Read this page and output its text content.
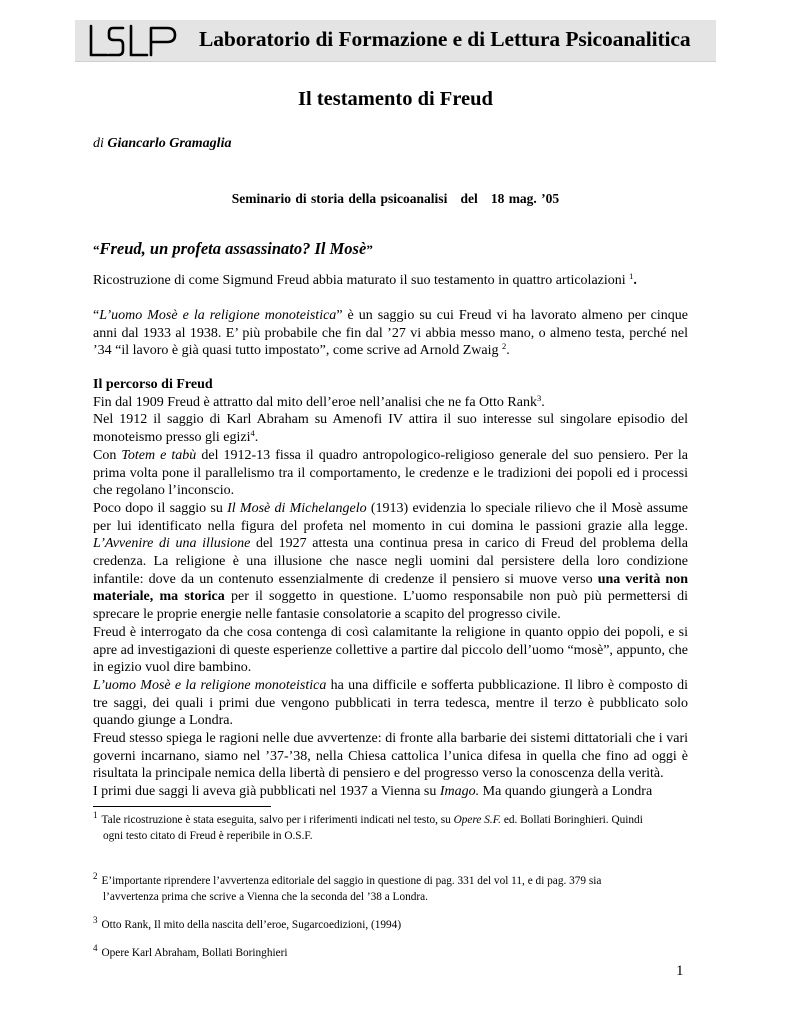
Laboratorio di Formazione e di Lettura Psicoanalitica
Il testamento di Freud
di Giancarlo Gramaglia
Seminario di storia della psicoanalisi   del   18 mag. ’05
“Freud, un profeta assassinato? Il Mosè”

Ricostruzione di come Sigmund Freud abbia maturato il suo testamento in quattro articolazioni $^1$.

“L’uomo Mosè e la religione monoteistica” è un saggio su cui Freud vi ha lavorato almeno per cinque anni dal 1933 al 1938. E’ più probabile che fin dal ’27 vi abbia messo mano, o almeno testa, perché nel ’34 “il lavoro è già quasi tutto impostato”, come scrive ad Arnold Zwaig $^2$.

Il percorso di Freud

Fin dal 1909 Freud è attratto dal mito dell’eroe nell’analisi che ne fa Otto Rank$^3$.

Nel 1912 il saggio di Karl Abraham su Amenofi IV attira il suo interesse sul singolare episodio del monoteismo presso gli egizi$^4$.

Con Totem e tabù del 1912-13 fissa il quadro antropologico-religioso generale del suo pensiero. Per la prima volta pone il parallelismo tra il comportamento, le credenze e le tradizioni dei popoli ed i processi che regolano l’inconscio.

Poco dopo il saggio su Il Mosè di Michelangelo (1913) evidenzia lo speciale rilievo che il Mosè assume per lui identificato nella figura del profeta nel momento in cui domina le passioni grazie alla legge. L’Avvenire di una illusione del 1927 attesta una continua presa in carico di Freud del problema della credenza. La religione è una illusione che nasce negli uomini dal persistere della loro condizione infantile: dove da un contenuto essenzialmente di credenze il pensiero si muove verso una verità non materiale, ma storica per il soggetto in questione. L’uomo responsabile non può più permettersi di sprecare le proprie energie nelle fantasie consolatorie a scapito del progresso civile.

Freud è interrogato da che cosa contenga di così calamitante la religione in quanto oppio dei popoli, e si apre ad investigazioni di queste esperienze collettive a partire dal piccolo dell’uomo “mosè”, appunto, che in egizio vuol dire bambino.

L’uomo Mosè e la religione monoteistica ha una difficile e sofferta pubblicazione. Il libro è composto di tre saggi, dei quali i primi due vengono pubblicati in terra tedesca, mentre il terzo è pubblicato solo quando giunge a Londra.

Freud stesso spiega le ragioni nelle due avvertenze: di fronte alla barbarie dei sistemi dittatoriali che i vari governi incarnano, siamo nel ’37-’38, nella Chiesa cattolica l’unica difesa in quella che fino ad oggi è risultata la principale nemica della libertà di pensiero e del progresso verso la conoscenza della verità.

I primi due saggi li aveva già pubblicati nel 1937 a Vienna su Imago. Ma quando giungerà a Londra

$^1$ Tale ricostruzione è stata eseguita, salvo per i riferimenti indicati nel testo, su Opere S.F. ed. Bollati Boringhieri. Quindi
ogni testo citato di Freud è reperibile in O.S.F.
$^2$ E’importante riprendere l’avvertenza editoriale del saggio in questione di pag. 331 del vol 11, e di pag. 379 sia
l’avvertenza prima che scrive a Vienna che la seconda del ’38 a Londra.
$^3$ Otto Rank, Il mito della nascita dell’eroe, Sugarcoedizioni, (1994)
$^4$ Opere Karl Abraham, Bollati Boringhieri
1
